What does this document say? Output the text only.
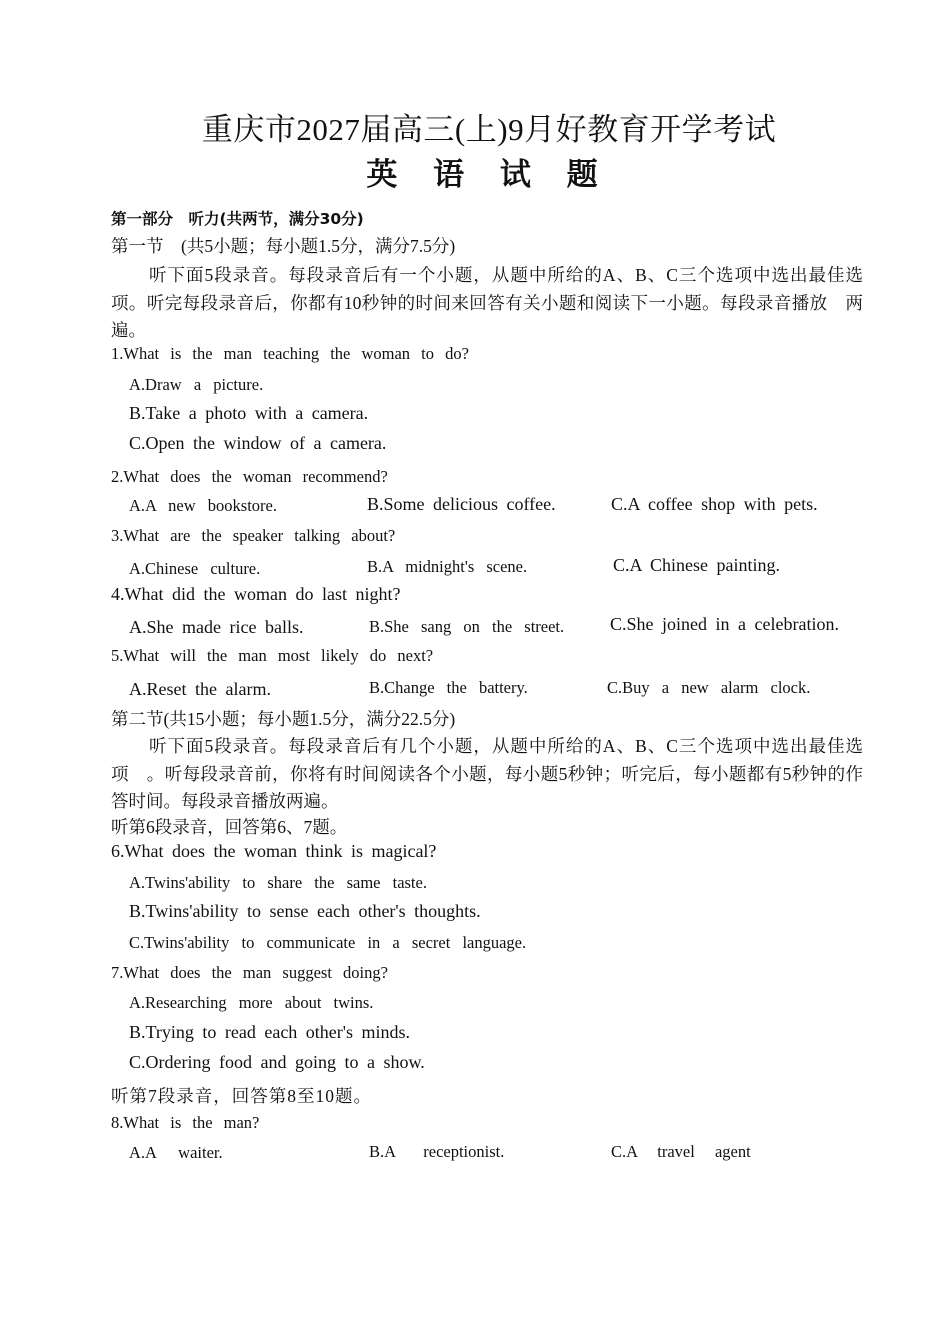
重庆市2027届高三(上)9月好教育开学考试
英 语 试 题
第一部分　听力(共两节，满分30分)
第一节　(共5小题；每小题1.5分，满分7.5分)
听下面5段录音。每段录音后有一个小题，从题中所给的A、B、C三个选项中选出最佳选　项。听完每段录音后，你都有10秒钟的时间来回答有关小题和阅读下一小题。每段录音播放　两遍。
1.What is the man teaching the woman to do?
A.Draw a picture.
B.Take a photo with a camera.
C.Open the window of a camera.
2.What does the woman recommend?
A.A new bookstore.	B.Some delicious coffee.	C.A coffee shop with pets.
3.What are the speaker talking about?
A.Chinese culture.	B.A midnight's scene.	C.A Chinese painting.
4.What did the woman do last night?
A.She made rice balls.	B.She sang on the street.	C.She joined in a celebration.
5.What will the man most likely do next?
A.Reset the alarm.	B.Change the battery.	C.Buy a new alarm clock.
第二节(共15小题；每小题1.5分，满分22.5分)
听下面5段录音。每段录音后有几个小题，从题中所给的A、B、C三个选项中选出最佳选　项　。听每段录音前，你将有时间阅读各个小题，每小题5秒钟；听完后，每小题都有5秒钟的作　答时间。每段录音播放两遍。
听第6段录音，回答第6、7题。
6.What does the woman think is magical?
A.Twins'ability to share the same taste.
B.Twins'ability to sense each other's thoughts.
C.Twins'ability to communicate in a secret language.
7.What does the man suggest doing?
A.Researching more about twins.
B.Trying to read each other's minds.
C.Ordering food and going to a show.
听第7段录音，回答第8至10题。
8.What is the man?
A.A waiter.	B.A receptionist.	C.A travel agent
